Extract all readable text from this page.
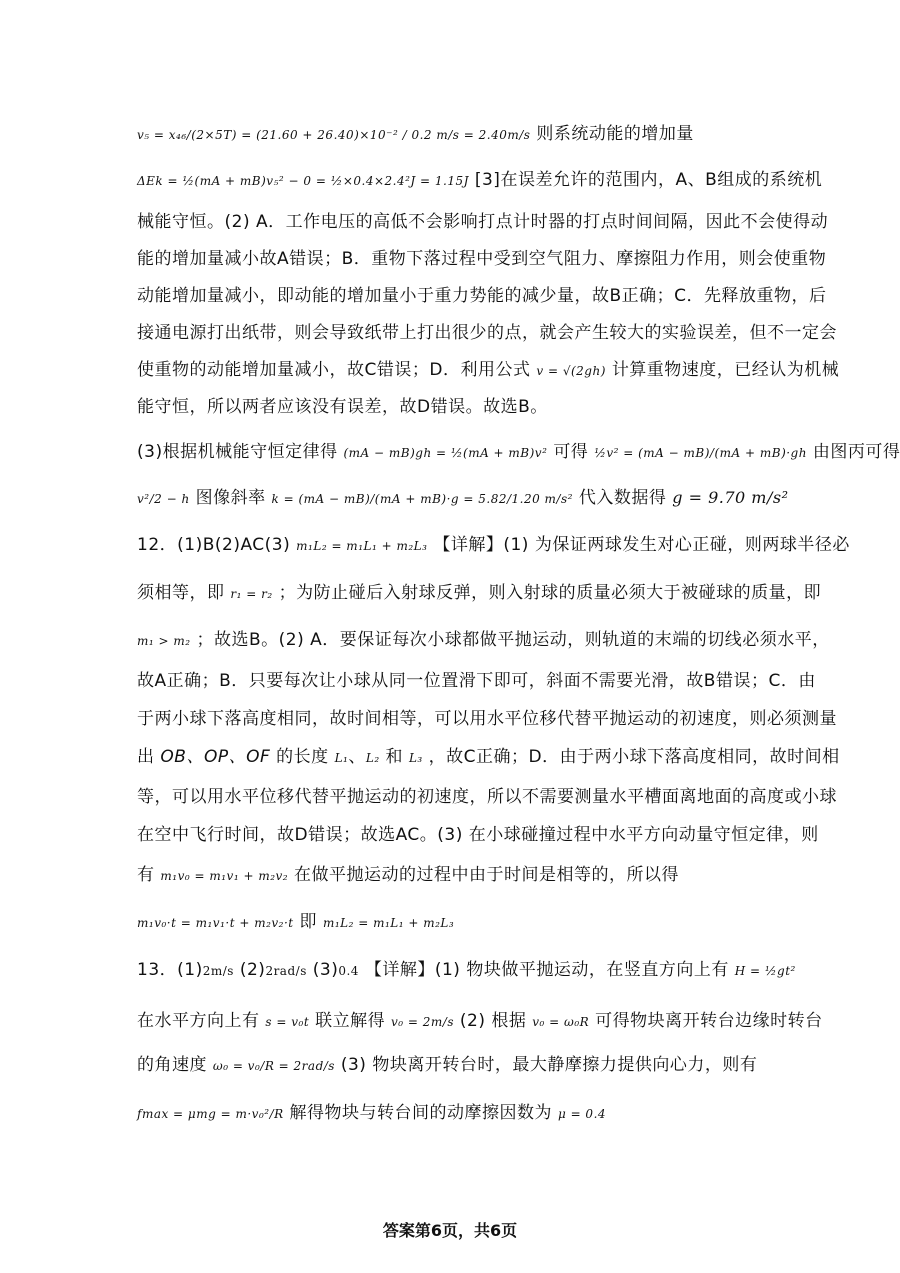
v₅ = x₄₆/(2×5T) = (21.60 + 26.40)×10⁻² / 0.2 m/s = 2.40m/s 则系统动能的增加量
ΔEk = ½(mA + mB)v₅² − 0 = ½×0.4×2.4²J = 1.15J [3]在误差允许的范围内，A、B组成的系统机
械能守恒。(2) A．工作电压的高低不会影响打点计时器的打点时间间隔，因此不会使得动
能的增加量减小故A错误；B．重物下落过程中受到空气阻力、摩擦阻力作用，则会使重物
动能增加量减小，即动能的增加量小于重力势能的减少量，故B正确；C．先释放重物，后
接通电源打出纸带，则会导致纸带上打出很少的点，就会产生较大的实验误差，但不一定会
使重物的动能增加量减小，故C错误；D．利用公式 v = √(2gh) 计算重物速度，已经认为机械
能守恒，所以两者应该没有误差，故D错误。故选B。
(3)根据机械能守恒定律得 (mA − mB)gh = ½(mA + mB)v² 可得 ½v² = (mA − mB)/(mA + mB)·gh 由图丙可得
v²/2 − h 图像斜率 k = (mA − mB)/(mA + mB)·g = 5.82/1.20 m/s² 代入数据得 g = 9.70 m/s²
12．(1)B(2)AC(3) m₁L₂ = m₁L₁ + m₂L₃ 【详解】(1) 为保证两球发生对心正碰，则两球半径必
须相等，即 r₁ = r₂ ；为防止碰后入射球反弹，则入射球的质量必须大于被碰球的质量，即
m₁ > m₂ ；故选B。(2) A．要保证每次小球都做平抛运动，则轨道的末端的切线必须水平，
故A正确；B．只要每次让小球从同一位置滑下即可，斜面不需要光滑，故B错误；C．由
于两小球下落高度相同，故时间相等，可以用水平位移代替平抛运动的初速度，则必须测量
出 OB、OP、OF 的长度 L₁、L₂ 和 L₃ ，故C正确；D．由于两小球下落高度相同，故时间相
等，可以用水平位移代替平抛运动的初速度，所以不需要测量水平槽面离地面的高度或小球
在空中飞行时间，故D错误；故选AC。(3) 在小球碰撞过程中水平方向动量守恒定律，则
有 m₁v₀ = m₁v₁ + m₂v₂ 在做平抛运动的过程中由于时间是相等的，所以得
m₁v₀·t = m₁v₁·t + m₂v₂·t 即 m₁L₂ = m₁L₁ + m₂L₃
13．(1)2m/s (2)2rad/s (3)0.4 【详解】(1) 物块做平抛运动，在竖直方向上有 H = ½gt²
在水平方向上有 s = v₀t 联立解得 v₀ = 2m/s (2) 根据 v₀ = ω₀R 可得物块离开转台边缘时转台
的角速度 ω₀ = v₀/R = 2rad/s (3) 物块离开转台时，最大静摩擦力提供向心力，则有
fmax = μmg = m·v₀²/R 解得物块与转台间的动摩擦因数为 μ = 0.4
答案第6页，共6页
